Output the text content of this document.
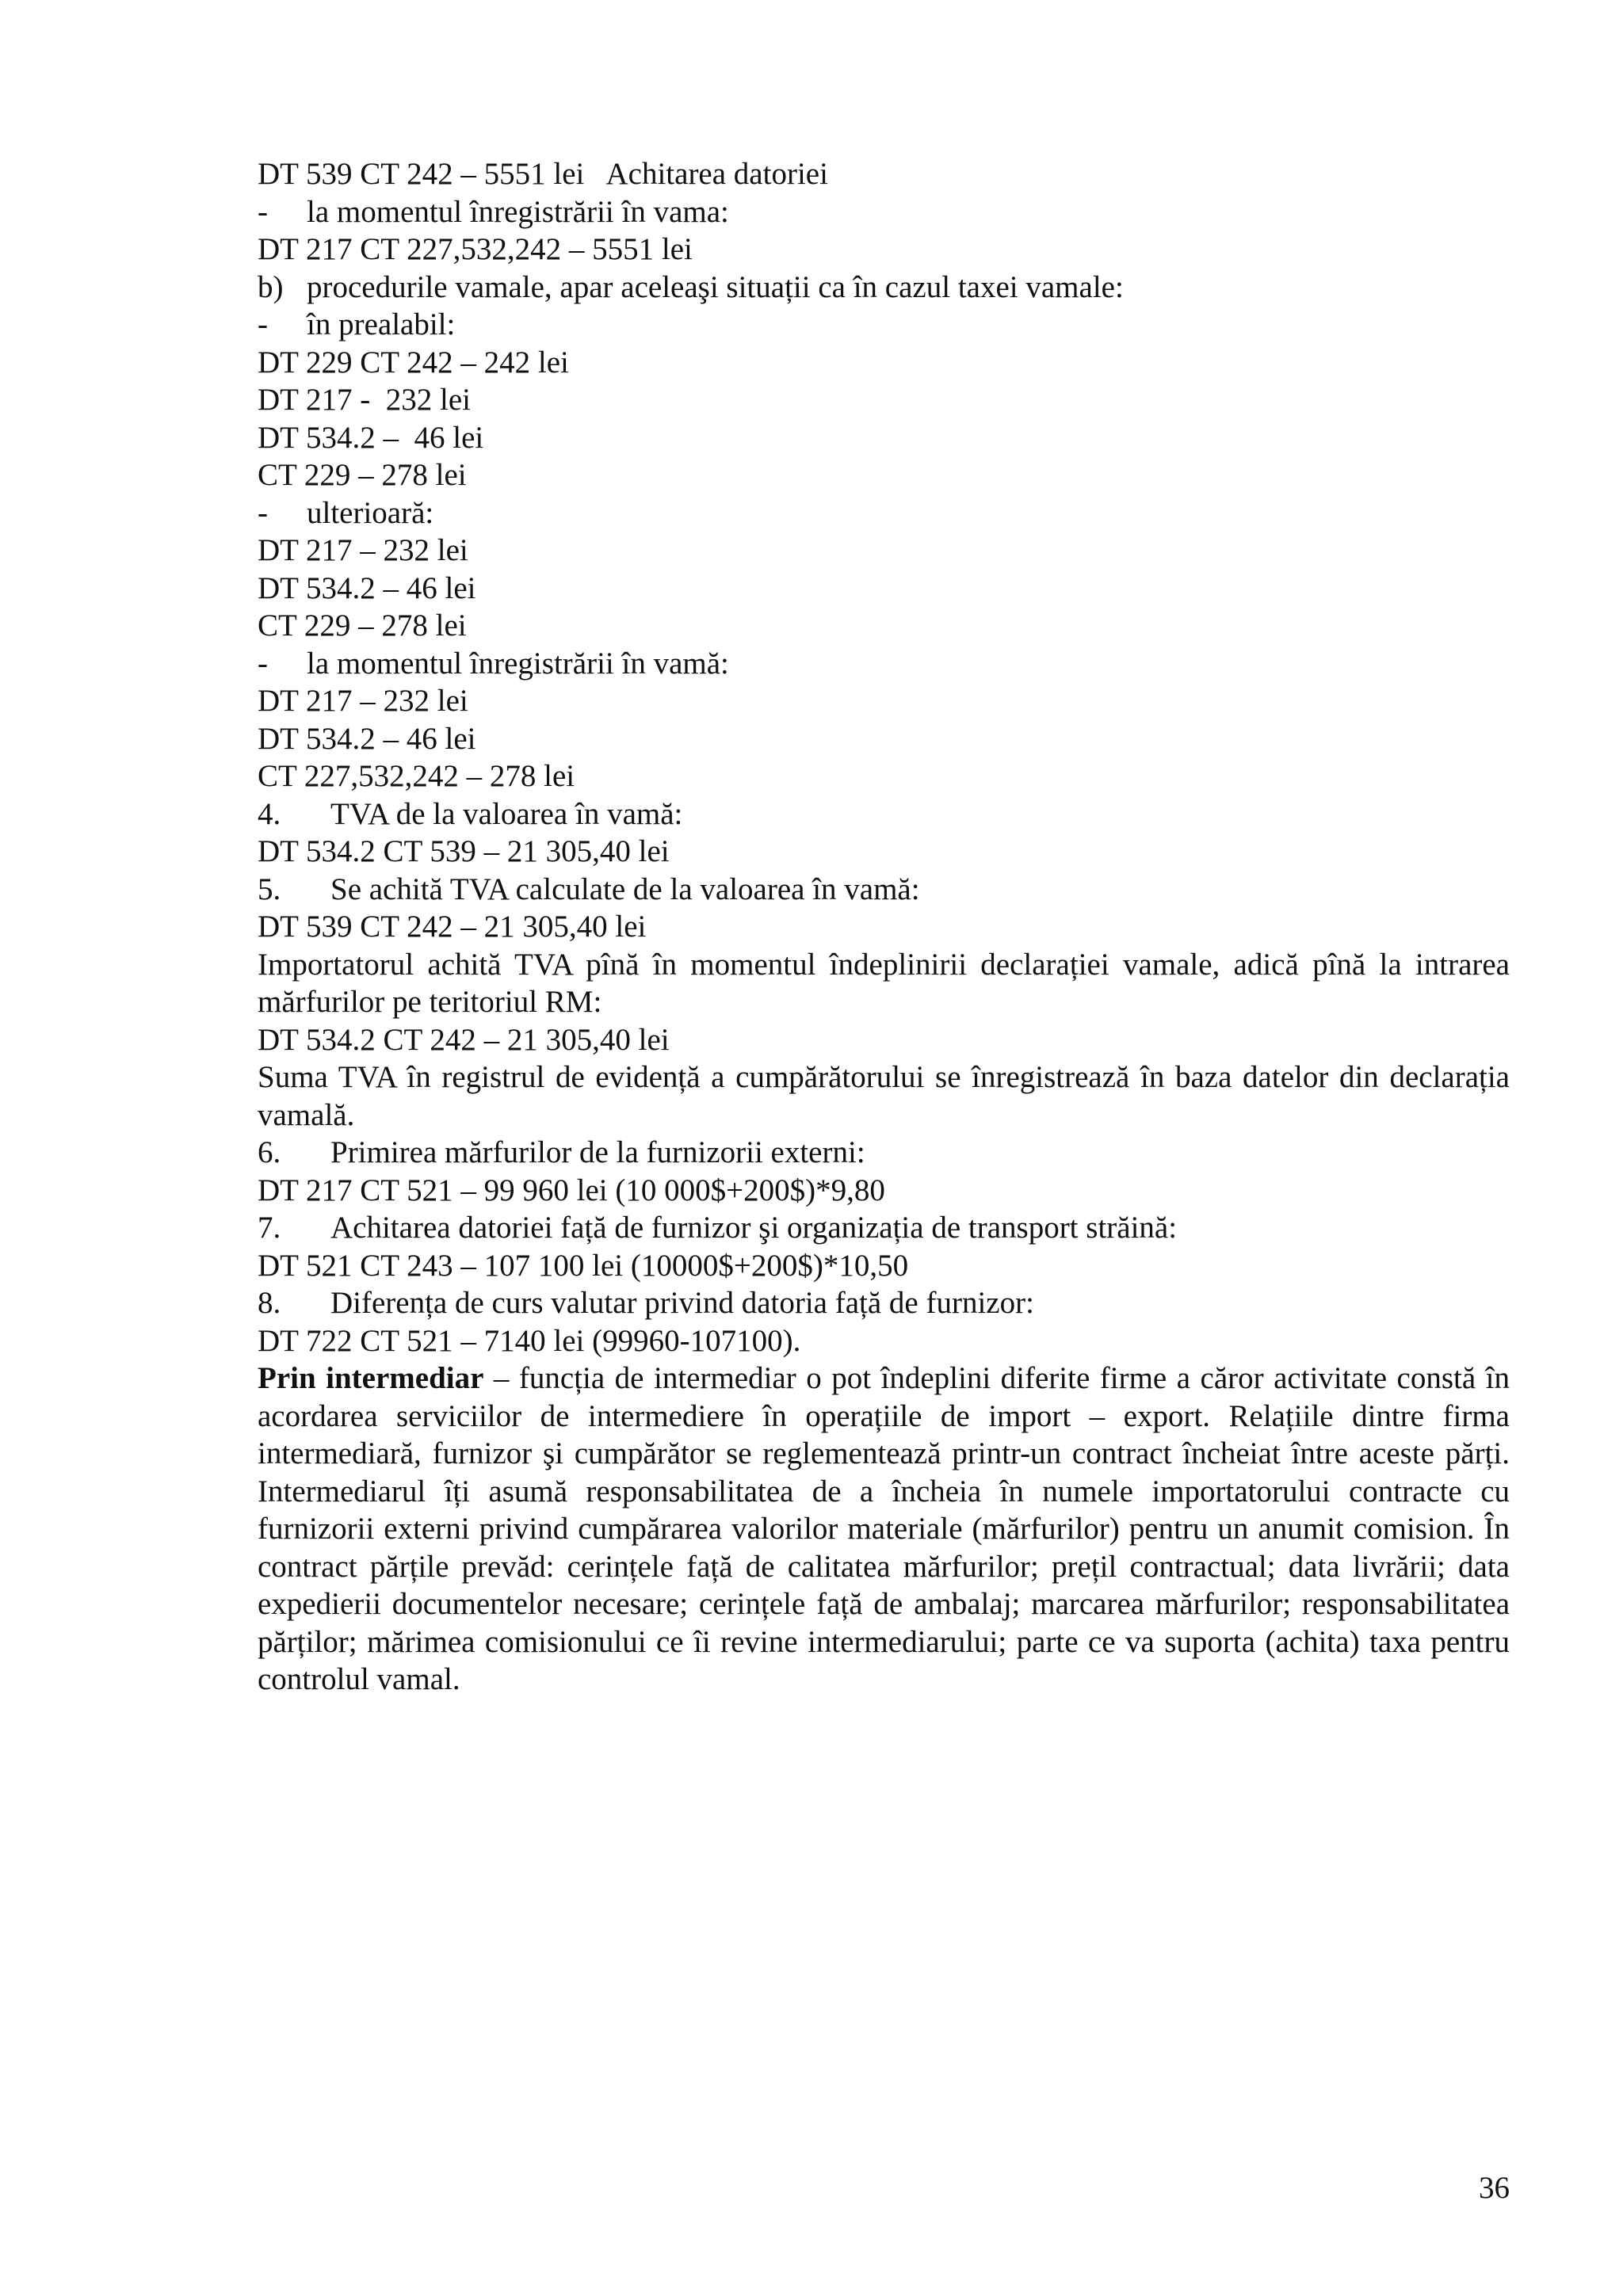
DT 539 CT 242 – 5551 lei   Achitarea datoriei
- la momentul înregistrării în vama:
DT 217 CT 227,532,242 – 5551 lei
b) procedurile vamale, apar aceleaşi situații ca în cazul taxei vamale:
- în prealabil:
DT 229 CT 242 – 242 lei
DT 217 -  232 lei
DT 534.2 –  46 lei
CT 229 – 278 lei
- ulterioară:
DT 217 – 232 lei
DT 534.2 – 46 lei
CT 229 – 278 lei
- la momentul înregistrării în vamă:
DT 217 – 232 lei
DT 534.2 – 46 lei
CT 227,532,242 – 278 lei
4. TVA de la valoarea în vamă:
DT 534.2 CT 539 – 21 305,40 lei
5. Se achită TVA calculate de la valoarea în vamă:
DT 539 CT 242 – 21 305,40 lei
Importatorul achită TVA pînă în momentul îndeplinirii declarației vamale, adică pînă la intrarea mărfurilor pe teritoriul RM:
DT 534.2 CT 242 – 21 305,40 lei
Suma TVA în registrul de evidență a cumpărătorului se înregistrează în baza datelor din declarația vamală.
6. Primirea mărfurilor de la furnizorii externi:
DT 217 CT 521 – 99 960 lei (10 000$+200$)*9,80
7. Achitarea datoriei față de furnizor şi organizația de transport străină:
DT 521 CT 243 – 107 100 lei (10000$+200$)*10,50
8. Diferența de curs valutar privind datoria față de furnizor:
DT 722 CT 521 – 7140 lei (99960-107100).
Prin intermediar – funcția de intermediar o pot îndeplini diferite firme a căror activitate constă în acordarea serviciilor de intermediere în operațiile de import – export. Relațiile dintre firma intermediară, furnizor şi cumpărător se reglementează printr-un contract încheiat între aceste părți. Intermediarul îți asumă responsabilitatea de a încheia în numele importatorului contracte cu furnizorii externi privind cumpărarea valorilor materiale (mărfurilor) pentru un anumit comision. În contract părțile prevăd: cerințele față de calitatea mărfurilor; prețil contractual; data livrării; data expedierii documentelor necesare; cerințele față de ambalaj; marcarea mărfurilor; responsabilitatea părților; mărimea comisionului ce îi revine intermediarului; parte ce va suporta (achita) taxa pentru controlul vamal.
36
